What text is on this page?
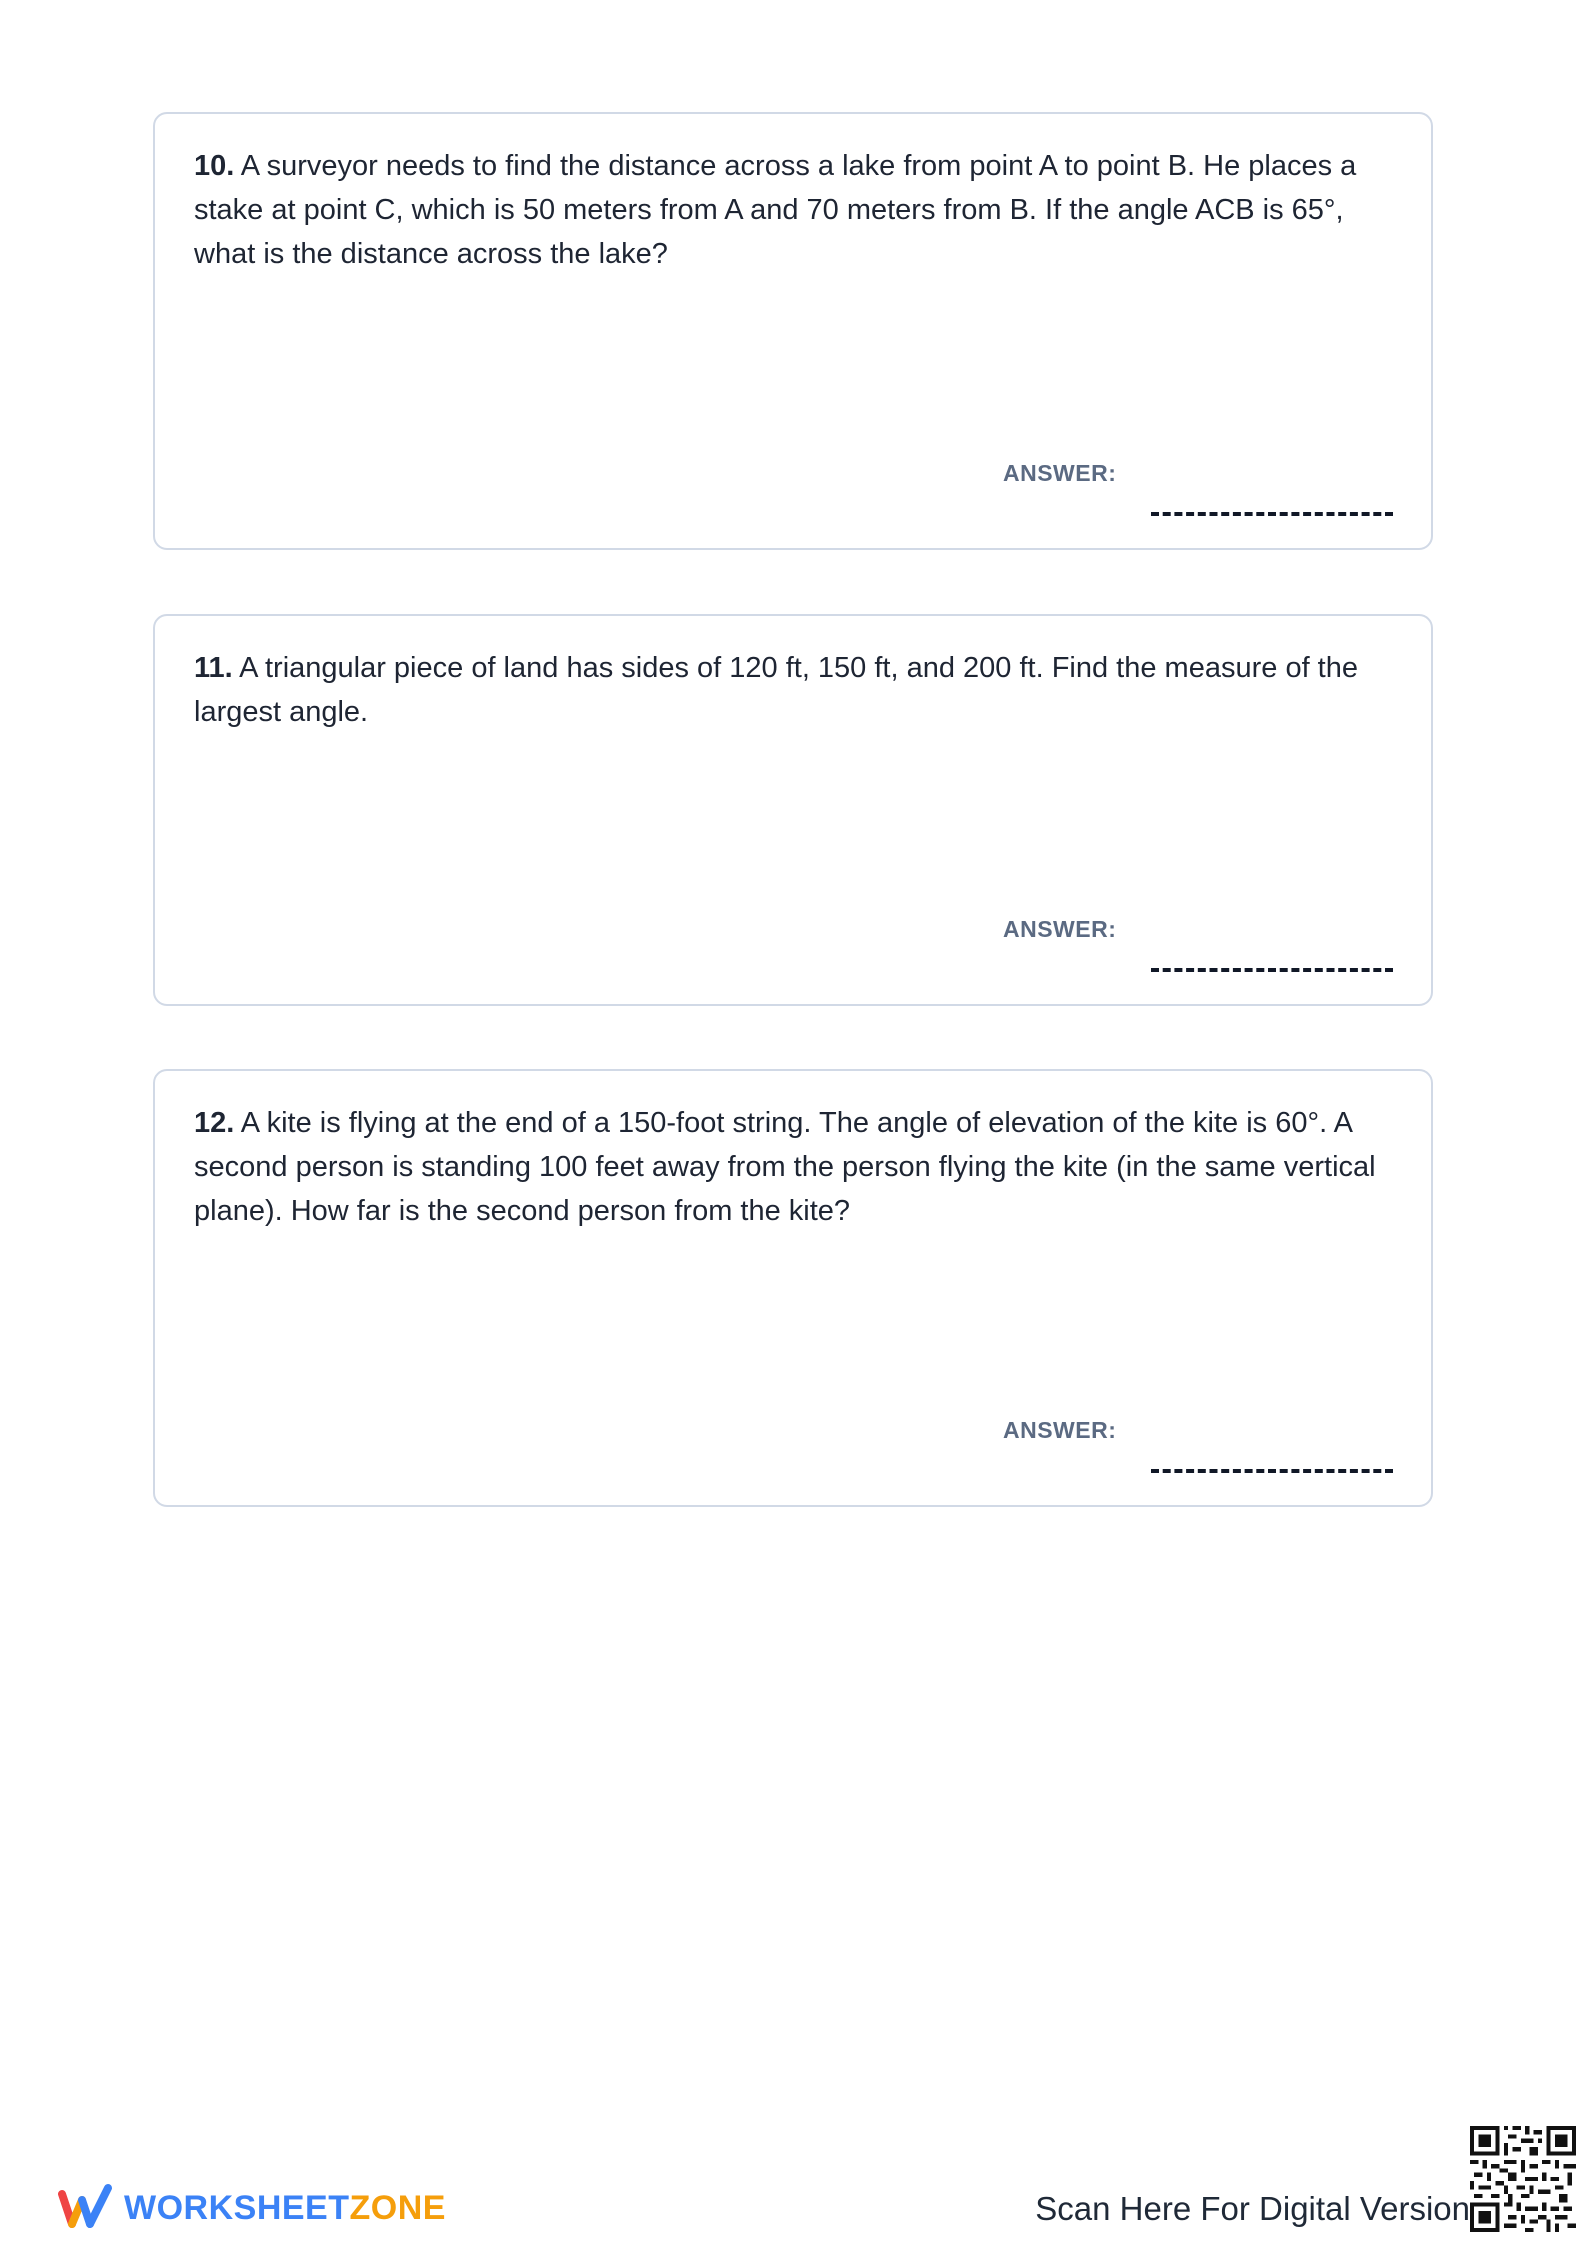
10. A surveyor needs to find the distance across a lake from point A to point B. He places a stake at point C, which is 50 meters from A and 70 meters from B. If the angle ACB is 65°, what is the distance across the lake?

ANSWER:

11. A triangular piece of land has sides of 120 ft, 150 ft, and 200 ft. Find the measure of the largest angle.

ANSWER:

12. A kite is flying at the end of a 150-foot string. The angle of elevation of the kite is 60°. A second person is standing 100 feet away from the person flying the kite (in the same vertical plane). How far is the second person from the kite?

ANSWER:
WORKSHEETZONE	Scan Here For Digital Version
